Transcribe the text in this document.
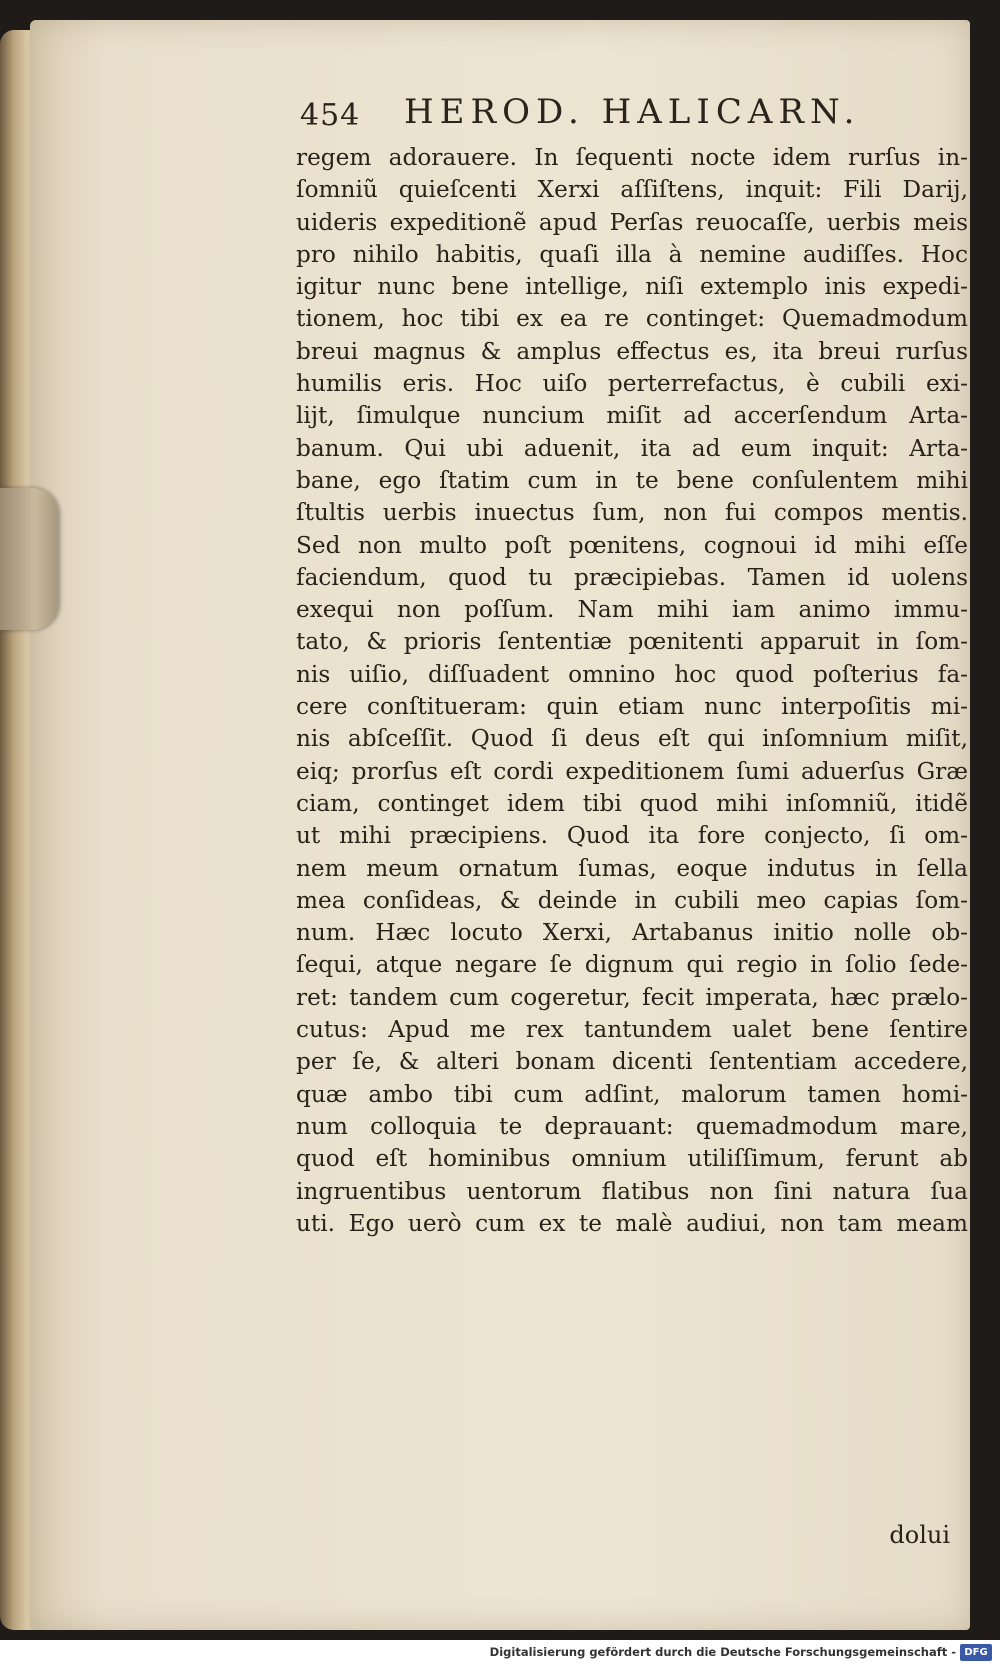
454 HEROD. HALICARN.
regem adorauere. In ſequenti nocte idem rurſus in-
ſomniũ quieſcenti Xerxi aſſiſtens, inquit: Fili Darij,
uideris expeditionẽ apud Perſas reuocaſſe, uerbis meis
pro nihilo habitis, quaſi illa à nemine audiſſes. Hoc
igitur nunc bene intellige, niſi extemplo inis expedi-
tionem, hoc tibi ex ea re continget: Quemadmodum
breui magnus & amplus effectus es, ita breui rurſus
humilis eris. Hoc uiſo perterrefactus, è cubili exi-
lijt, ſimulque nuncium miſit ad accerſendum Arta-
banum. Qui ubi aduenit, ita ad eum inquit: Arta-
bane, ego ſtatim cum in te bene conſulentem mihi
ſtultis uerbis inuectus ſum, non fui compos mentis.
Sed non multo poſt pœnitens, cognoui id mihi eſſe
faciendum, quod tu præcipiebas. Tamen id uolens
exequi non poſſum. Nam mihi iam animo immu-
tato, & prioris ſententiæ pœnitenti apparuit in ſom-
nis uiſio, diſſuadent omnino hoc quod poſterius fa-
cere conſtitueram: quin etiam nunc interpoſitis mi-
nis abſceſſit. Quod ſi deus eſt qui inſomnium miſit,
eiq; prorſus eſt cordi expeditionem ſumi aduerſus Græ
ciam, continget idem tibi quod mihi inſomniũ, itidẽ
ut mihi præcipiens. Quod ita fore conjecto, ſi om-
nem meum ornatum ſumas, eoque indutus in ſella
mea conſideas, & deinde in cubili meo capias ſom-
num. Hæc locuto Xerxi, Artabanus initio nolle ob-
ſequi, atque negare ſe dignum qui regio in ſolio ſede-
ret: tandem cum cogeretur, fecit imperata, hæc prælo-
cutus: Apud me rex tantundem ualet bene ſentire
per ſe, & alteri bonam dicenti ſententiam accedere,
quæ ambo tibi cum adſint, malorum tamen homi-
num colloquia te deprauant: quemadmodum mare,
quod eſt hominibus omnium utiliſſimum, ferunt ab
ingruentibus uentorum flatibus non ſini natura ſua
uti. Ego uerò cum ex te malè audiui, non tam meam
dolui
Digitalisierung gefördert durch die Deutsche Forschungsgemeinschaft - DFG
